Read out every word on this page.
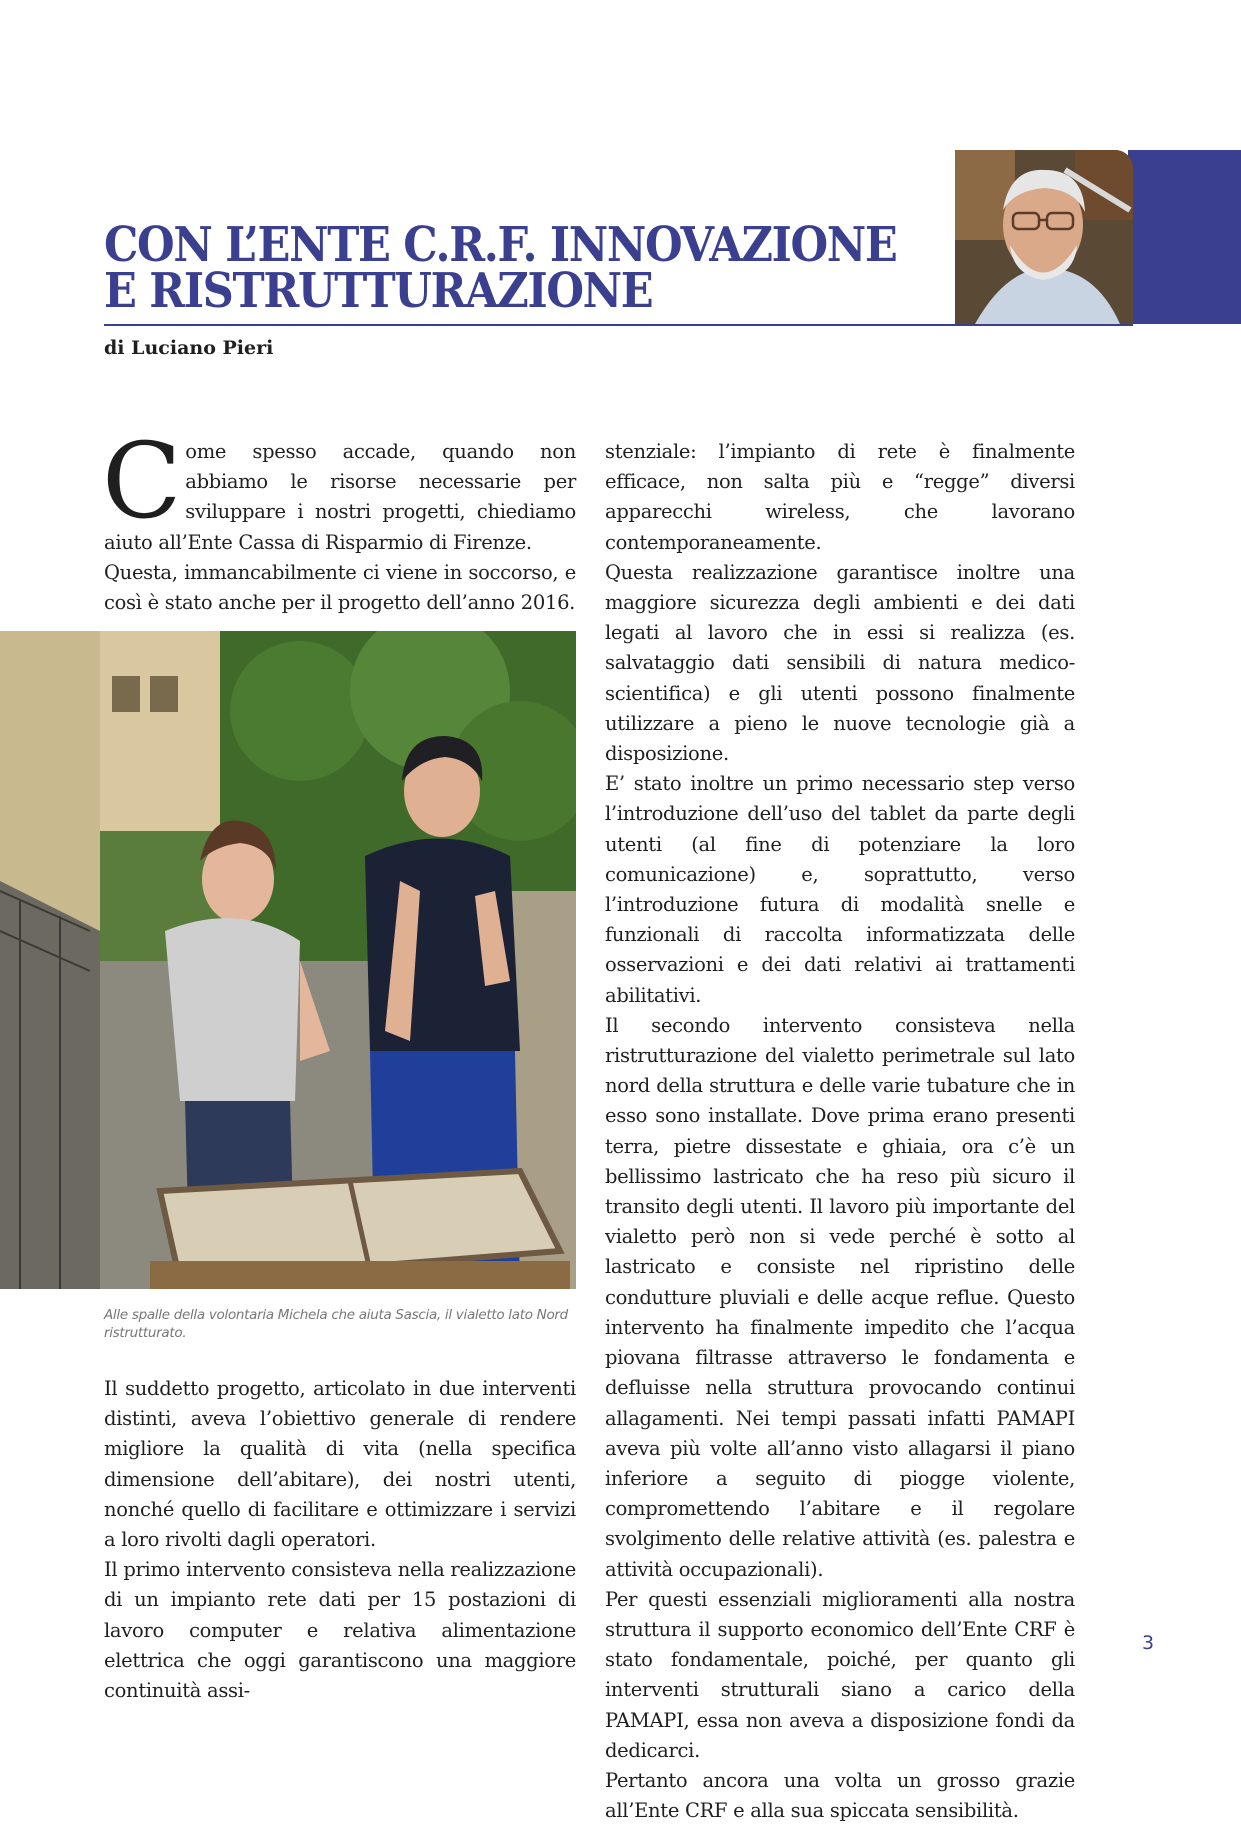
CON L’ENTE C.R.F. INNOVAZIONE
E RISTRUTTURAZIONE

di Luciano Pieri

Come spesso accade, quando non abbiamo le risorse necessarie per sviluppare i nostri progetti, chiediamo aiuto all’Ente Cassa di Risparmio di Firenze.

Questa, immancabilmente ci viene in soccorso, e così è stato anche per il progetto dell’anno 2016.

Alle spalle della volontaria Michela che aiuta Sascia, il vialetto lato Nord ristrutturato.

Il suddetto progetto, articolato in due interventi distinti, aveva l’obiettivo generale di rendere migliore la qualità di vita (nella specifica dimensione dell’abitare), dei nostri utenti, nonché quello di facilitare e ottimizzare i servizi a loro rivolti dagli operatori.

Il primo intervento consisteva nella realizzazione di un impianto rete dati per 15 postazioni di lavoro computer e relativa alimentazione elettrica che oggi garantiscono una maggiore continuità assi-

stenziale: l’impianto di rete è finalmente efficace, non salta più e “regge” diversi apparecchi wireless, che lavorano contemporaneamente.

Questa realizzazione garantisce inoltre una maggiore sicurezza degli ambienti e dei dati legati al lavoro che in essi si realizza (es. salvataggio dati sensibili di natura medico-scientifica) e gli utenti possono finalmente utilizzare a pieno le nuove tecnologie già a disposizione.

E’ stato inoltre un primo necessario step verso l’introduzione dell’uso del tablet da parte degli utenti (al fine di potenziare la loro comunicazione) e, soprattutto, verso l’introduzione futura di modalità snelle e funzionali di raccolta informatizzata delle osservazioni e dei dati relativi ai trattamenti abilitativi.

Il secondo intervento consisteva nella ristrutturazione del vialetto perimetrale sul lato nord della struttura e delle varie tubature che in esso sono installate. Dove prima erano presenti terra, pietre dissestate e ghiaia, ora c’è un bellissimo lastricato che ha reso più sicuro il transito degli utenti. Il lavoro più importante del vialetto però non si vede perché è sotto al lastricato e consiste nel ripristino delle condutture pluviali e delle acque reflue. Questo intervento ha finalmente impedito che l’acqua piovana filtrasse attraverso le fondamenta e defluisse nella struttura provocando continui allagamenti. Nei tempi passati infatti PAMAPI aveva più volte all’anno visto allagarsi il piano inferiore a seguito di piogge violente, compromettendo l’abitare e il regolare svolgimento delle relative attività (es. palestra e attività occupazionali).

Per questi essenziali miglioramenti alla nostra struttura il supporto economico dell’Ente CRF è stato fondamentale, poiché, per quanto gli interventi strutturali siano a carico della PAMAPI, essa non aveva a disposizione fondi da dedicarci.

Pertanto ancora una volta un grosso grazie all’Ente CRF e alla sua spiccata sensibilità.

3
